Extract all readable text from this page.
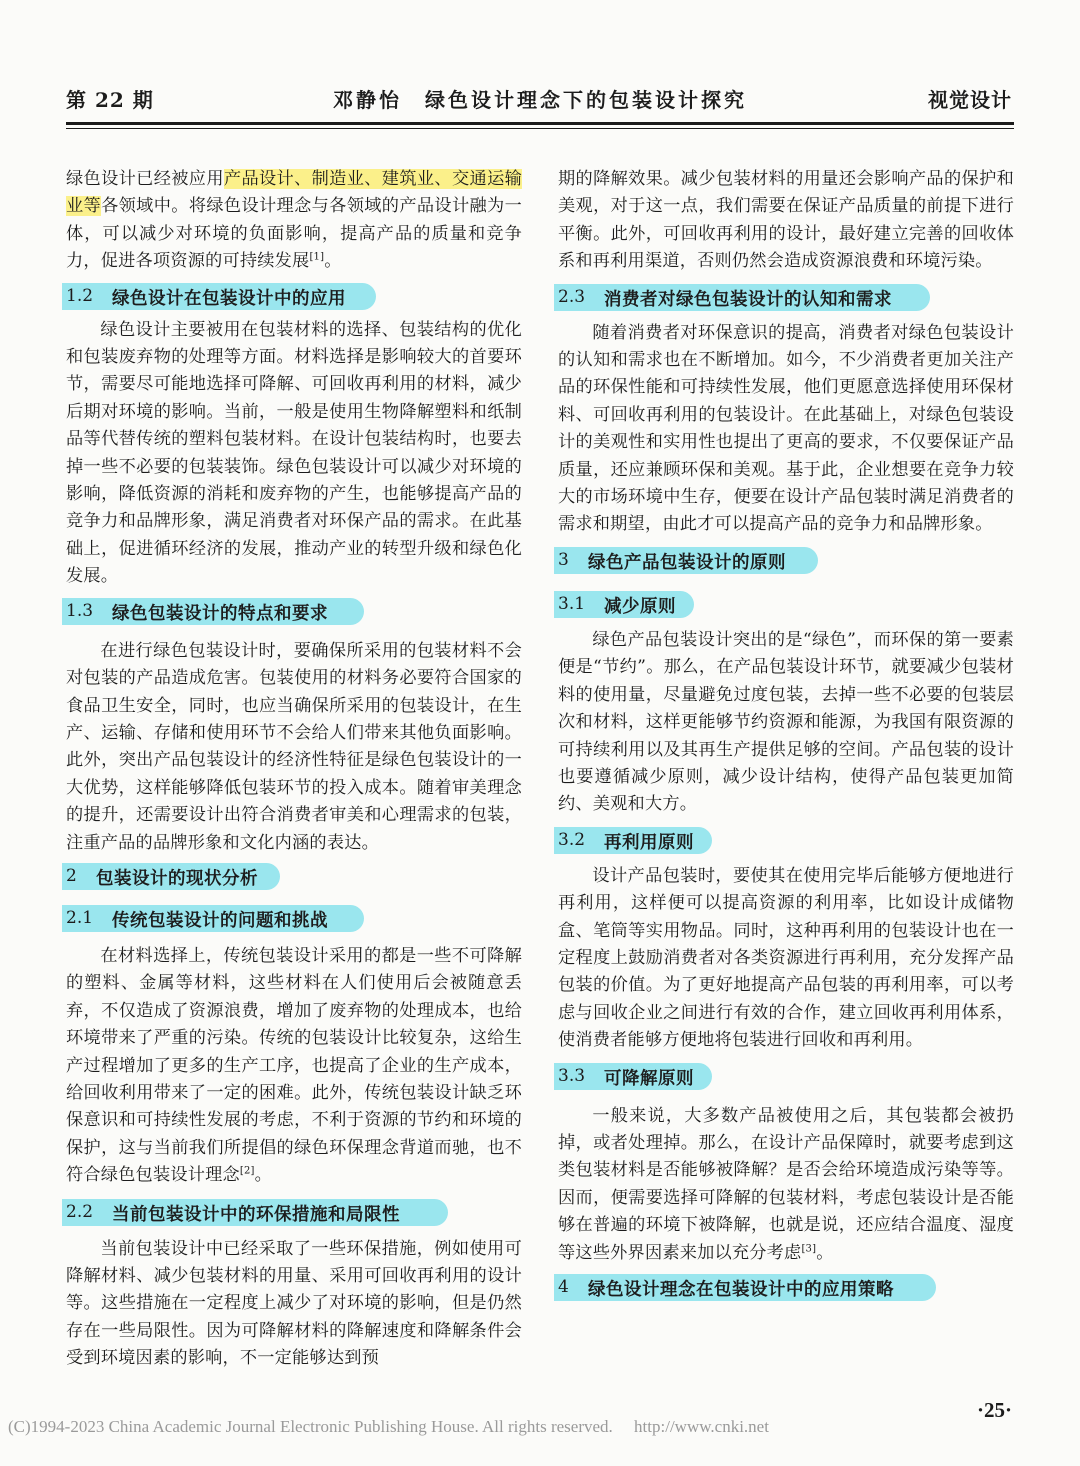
第 22 期	邓静怡　绿色设计理念下的包装设计探究	视觉设计

绿色设计已经被应用产品设计、制造业、建筑业、交通运输业等各领域中。将绿色设计理念与各领域的产品设计融为一体，可以减少对环境的负面影响，提高产品的质量和竞争力，促进各项资源的可持续发展[1]。

1.2 绿色设计在包装设计中的应用

绿色设计主要被用在包装材料的选择、包装结构的优化和包装废弃物的处理等方面。材料选择是影响较大的首要环节，需要尽可能地选择可降解、可回收再利用的材料，减少后期对环境的影响。当前，一般是使用生物降解塑料和纸制品等代替传统的塑料包装材料。在设计包装结构时，也要去掉一些不必要的包装装饰。绿色包装设计可以减少对环境的影响，降低资源的消耗和废弃物的产生，也能够提高产品的竞争力和品牌形象，满足消费者对环保产品的需求。在此基础上，促进循环经济的发展，推动产业的转型升级和绿色化发展。

1.3 绿色包装设计的特点和要求

在进行绿色包装设计时，要确保所采用的包装材料不会对包装的产品造成危害。包装使用的材料务必要符合国家的食品卫生安全，同时，也应当确保所采用的包装设计，在生产、运输、存储和使用环节不会给人们带来其他负面影响。此外，突出产品包装设计的经济性特征是绿色包装设计的一大优势，这样能够降低包装环节的投入成本。随着审美理念的提升，还需要设计出符合消费者审美和心理需求的包装，注重产品的品牌形象和文化内涵的表达。

2 包装设计的现状分析
2.1 传统包装设计的问题和挑战

在材料选择上，传统包装设计采用的都是一些不可降解的塑料、金属等材料，这些材料在人们使用后会被随意丢弃，不仅造成了资源浪费，增加了废弃物的处理成本，也给环境带来了严重的污染。传统的包装设计比较复杂，这给生产过程增加了更多的生产工序，也提高了企业的生产成本，给回收利用带来了一定的困难。此外，传统包装设计缺乏环保意识和可持续性发展的考虑，不利于资源的节约和环境的保护，这与当前我们所提倡的绿色环保理念背道而驰，也不符合绿色包装设计理念[2]。

2.2 当前包装设计中的环保措施和局限性

当前包装设计中已经采取了一些环保措施，例如使用可降解材料、减少包装材料的用量、采用可回收再利用的设计等。这些措施在一定程度上减少了对环境的影响，但是仍然存在一些局限性。因为可降解材料的降解速度和降解条件会受到环境因素的影响，不一定能够达到预

期的降解效果。减少包装材料的用量还会影响产品的保护和美观，对于这一点，我们需要在保证产品质量的前提下进行平衡。此外，可回收再利用的设计，最好建立完善的回收体系和再利用渠道，否则仍然会造成资源浪费和环境污染。

2.3 消费者对绿色包装设计的认知和需求

随着消费者对环保意识的提高，消费者对绿色包装设计的认知和需求也在不断增加。如今，不少消费者更加关注产品的环保性能和可持续性发展，他们更愿意选择使用环保材料、可回收再利用的包装设计。在此基础上，对绿色包装设计的美观性和实用性也提出了更高的要求，不仅要保证产品质量，还应兼顾环保和美观。基于此，企业想要在竞争力较大的市场环境中生存，便要在设计产品包装时满足消费者的需求和期望，由此才可以提高产品的竞争力和品牌形象。

3 绿色产品包装设计的原则
3.1 减少原则

绿色产品包装设计突出的是“绿色”，而环保的第一要素便是“节约”。那么，在产品包装设计环节，就要减少包装材料的使用量，尽量避免过度包装，去掉一些不必要的包装层次和材料，这样更能够节约资源和能源，为我国有限资源的可持续利用以及其再生产提供足够的空间。产品包装的设计也要遵循减少原则，减少设计结构，使得产品包装更加简约、美观和大方。

3.2 再利用原则

设计产品包装时，要使其在使用完毕后能够方便地进行再利用，这样便可以提高资源的利用率，比如设计成储物盒、笔筒等实用物品。同时，这种再利用的包装设计也在一定程度上鼓励消费者对各类资源进行再利用，充分发挥产品包装的价值。为了更好地提高产品包装的再利用率，可以考虑与回收企业之间进行有效的合作，建立回收再利用体系，使消费者能够方便地将包装进行回收和再利用。

3.3 可降解原则

一般来说，大多数产品被使用之后，其包装都会被扔掉，或者处理掉。那么，在设计产品保障时，就要考虑到这类包装材料是否能够被降解？是否会给环境造成污染等等。因而，便需要选择可降解的包装材料，考虑包装设计是否能够在普遍的环境下被降解，也就是说，还应结合温度、湿度等这些外界因素来加以充分考虑[3]。

4 绿色设计理念在包装设计中的应用策略
·25·
(C)1994-2023 China Academic Journal Electronic Publishing House. All rights reserved.　 http://www.cnki.net
